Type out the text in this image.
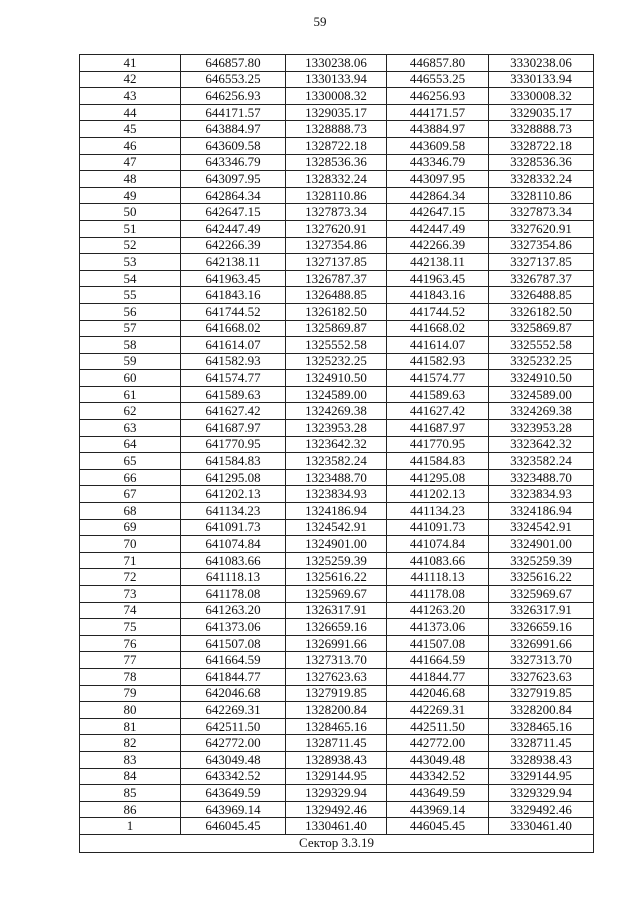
59
41	646857.80	1330238.06	446857.80	3330238.06
42	646553.25	1330133.94	446553.25	3330133.94
43	646256.93	1330008.32	446256.93	3330008.32
44	644171.57	1329035.17	444171.57	3329035.17
45	643884.97	1328888.73	443884.97	3328888.73
46	643609.58	1328722.18	443609.58	3328722.18
47	643346.79	1328536.36	443346.79	3328536.36
48	643097.95	1328332.24	443097.95	3328332.24
49	642864.34	1328110.86	442864.34	3328110.86
50	642647.15	1327873.34	442647.15	3327873.34
51	642447.49	1327620.91	442447.49	3327620.91
52	642266.39	1327354.86	442266.39	3327354.86
53	642138.11	1327137.85	442138.11	3327137.85
54	641963.45	1326787.37	441963.45	3326787.37
55	641843.16	1326488.85	441843.16	3326488.85
56	641744.52	1326182.50	441744.52	3326182.50
57	641668.02	1325869.87	441668.02	3325869.87
58	641614.07	1325552.58	441614.07	3325552.58
59	641582.93	1325232.25	441582.93	3325232.25
60	641574.77	1324910.50	441574.77	3324910.50
61	641589.63	1324589.00	441589.63	3324589.00
62	641627.42	1324269.38	441627.42	3324269.38
63	641687.97	1323953.28	441687.97	3323953.28
64	641770.95	1323642.32	441770.95	3323642.32
65	641584.83	1323582.24	441584.83	3323582.24
66	641295.08	1323488.70	441295.08	3323488.70
67	641202.13	1323834.93	441202.13	3323834.93
68	641134.23	1324186.94	441134.23	3324186.94
69	641091.73	1324542.91	441091.73	3324542.91
70	641074.84	1324901.00	441074.84	3324901.00
71	641083.66	1325259.39	441083.66	3325259.39
72	641118.13	1325616.22	441118.13	3325616.22
73	641178.08	1325969.67	441178.08	3325969.67
74	641263.20	1326317.91	441263.20	3326317.91
75	641373.06	1326659.16	441373.06	3326659.16
76	641507.08	1326991.66	441507.08	3326991.66
77	641664.59	1327313.70	441664.59	3327313.70
78	641844.77	1327623.63	441844.77	3327623.63
79	642046.68	1327919.85	442046.68	3327919.85
80	642269.31	1328200.84	442269.31	3328200.84
81	642511.50	1328465.16	442511.50	3328465.16
82	642772.00	1328711.45	442772.00	3328711.45
83	643049.48	1328938.43	443049.48	3328938.43
84	643342.52	1329144.95	443342.52	3329144.95
85	643649.59	1329329.94	443649.59	3329329.94
86	643969.14	1329492.46	443969.14	3329492.46
1	646045.45	1330461.40	446045.45	3330461.40
Сектор 3.3.19				
